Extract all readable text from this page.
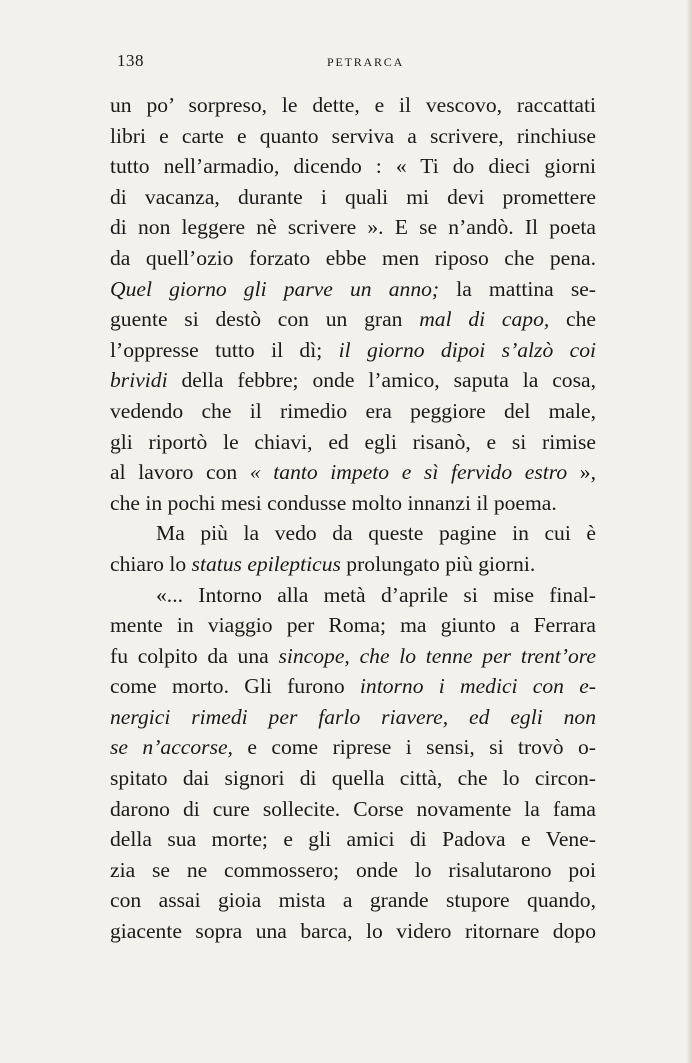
138	PETRARCA
un po’ sorpreso, le dette, e il vescovo, raccattati
libri e carte e quanto serviva a scrivere, rinchiuse
tutto nell’armadio, dicendo : « Ti do dieci giorni
di vacanza, durante i quali mi devi promettere
di non leggere nè scrivere ». E se n’andò. Il poeta
da quell’ozio forzato ebbe men riposo che pena.
Quel giorno gli parve un anno; la mattina se-
guente si destò con un gran mal di capo, che
l’oppresse tutto il dì; il giorno dipoi s’alzò coi
brividi della febbre; onde l’amico, saputa la cosa,
vedendo che il rimedio era peggiore del male,
gli riportò le chiavi, ed egli risanò, e si rimise
al lavoro con « tanto impeto e sì fervido estro »,
che in pochi mesi condusse molto innanzi il poema.
Ma più la vedo da queste pagine in cui è
chiaro lo status epilepticus prolungato più giorni.
«... Intorno alla metà d’aprile si mise final-
mente in viaggio per Roma; ma giunto a Ferrara
fu colpito da una sincope, che lo tenne per trent’ore
come morto. Gli furono intorno i medici con e-
nergici rimedi per farlo riavere, ed egli non
se n’accorse, e come riprese i sensi, si trovò o-
spitato dai signori di quella città, che lo circon-
darono di cure sollecite. Corse novamente la fama
della sua morte; e gli amici di Padova e Vene-
zia se ne commossero; onde lo risalutarono poi
con assai gioia mista a grande stupore quando,
giacente sopra una barca, lo videro ritornare dopo
